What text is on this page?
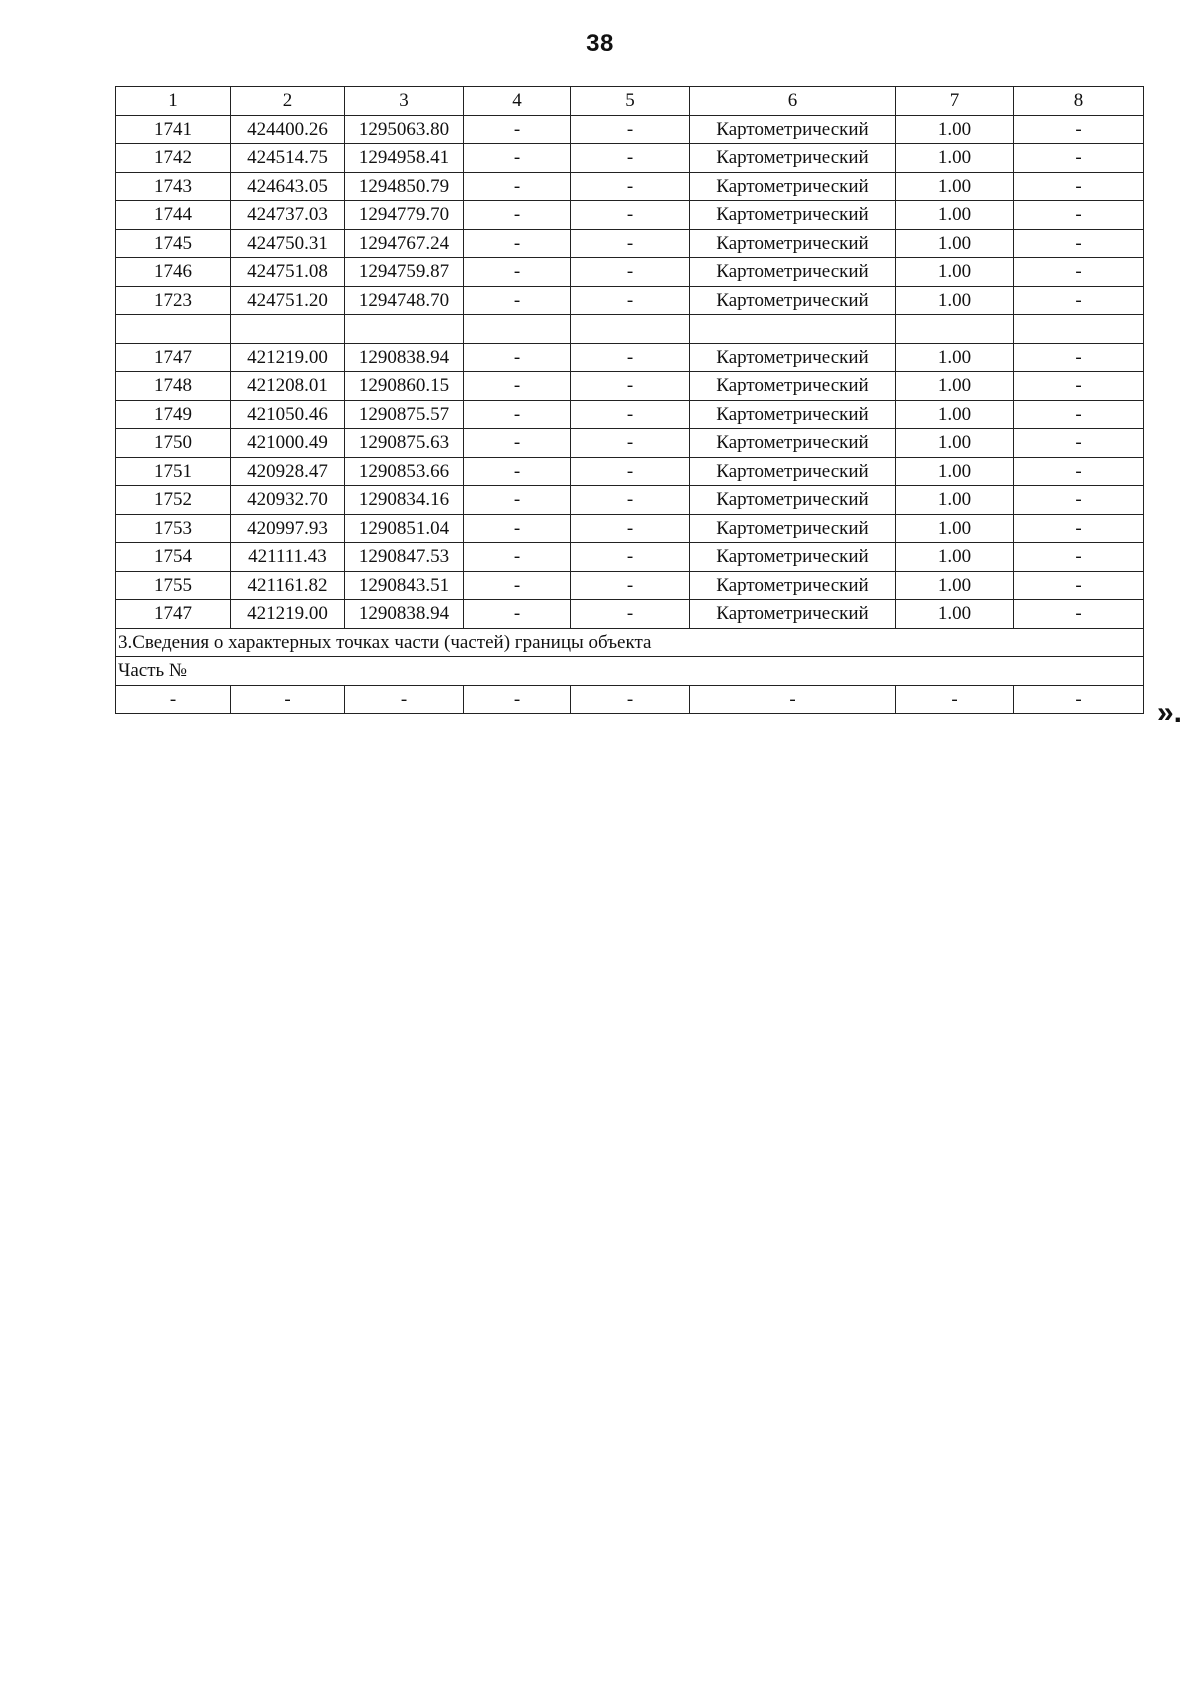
38
1	2	3	4	5	6	7	8
1741	424400.26	1295063.80	-	-	Картометрический	1.00	-
1742	424514.75	1294958.41	-	-	Картометрический	1.00	-
1743	424643.05	1294850.79	-	-	Картометрический	1.00	-
1744	424737.03	1294779.70	-	-	Картометрический	1.00	-
1745	424750.31	1294767.24	-	-	Картометрический	1.00	-
1746	424751.08	1294759.87	-	-	Картометрический	1.00	-
1723	424751.20	1294748.70	-	-	Картометрический	1.00	-

1747	421219.00	1290838.94	-	-	Картометрический	1.00	-
1748	421208.01	1290860.15	-	-	Картометрический	1.00	-
1749	421050.46	1290875.57	-	-	Картометрический	1.00	-
1750	421000.49	1290875.63	-	-	Картометрический	1.00	-
1751	420928.47	1290853.66	-	-	Картометрический	1.00	-
1752	420932.70	1290834.16	-	-	Картометрический	1.00	-
1753	420997.93	1290851.04	-	-	Картометрический	1.00	-
1754	421111.43	1290847.53	-	-	Картометрический	1.00	-
1755	421161.82	1290843.51	-	-	Картометрический	1.00	-
1747	421219.00	1290838.94	-	-	Картометрический	1.00	-
3.Сведения о характерных точках части (частей) границы объекта							
Часть №							
-	-	-	-	-	-	-	-	».
